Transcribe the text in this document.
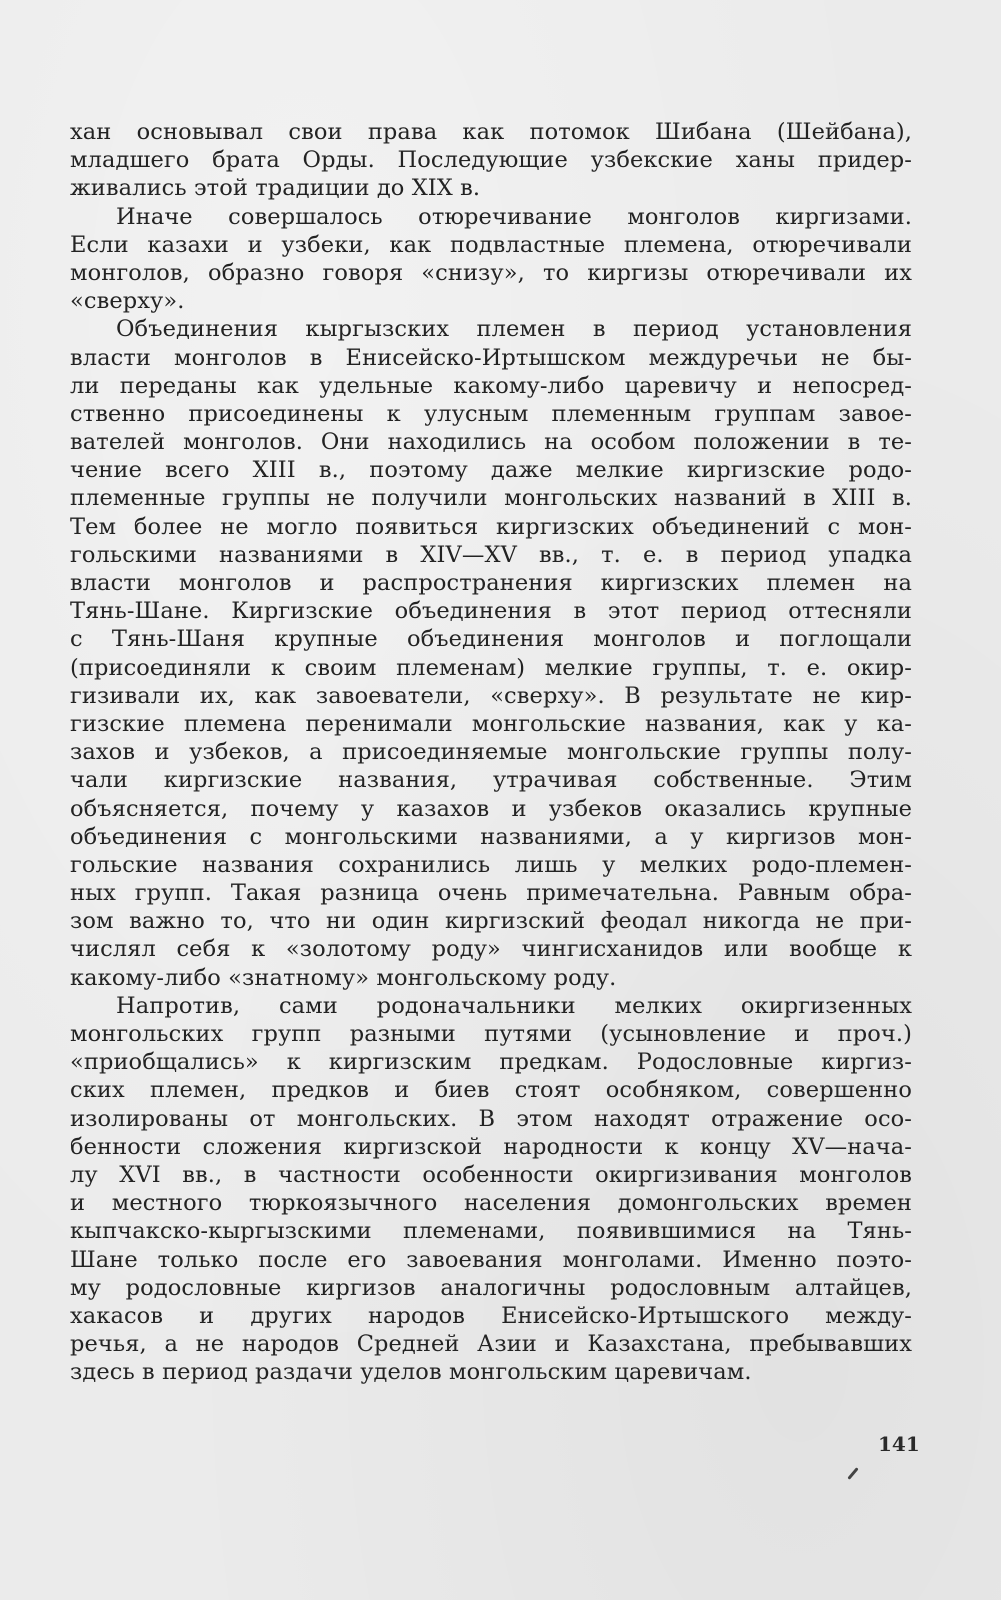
хан основывал свои права как потомок Шибана (Шейбана),
младшего брата Орды. Последующие узбекские ханы придер-
живались этой традиции до XIX в.
Иначе совершалось отюречивание монголов киргизами.
Если казахи и узбеки, как подвластные племена, отюречивали
монголов, образно говоря «снизу», то киргизы отюречивали их
«сверху».
Объединения кыргызских племен в период установления
власти монголов в Енисейско-Иртышском междуречьи не бы-
ли переданы как удельные какому-либо царевичу и непосред-
ственно присоединены к улусным племенным группам завое-
вателей монголов. Они находились на особом положении в те-
чение всего XIII в., поэтому даже мелкие киргизские родо-
племенные группы не получили монгольских названий в XIII в.
Тем более не могло появиться киргизских объединений с мон-
гольскими названиями в XIV—XV вв., т. е. в период упадка
власти монголов и распространения киргизских племен на
Тянь-Шане. Киргизские объединения в этот период оттесняли
с Тянь-Шаня крупные объединения монголов и поглощали
(присоединяли к своим племенам) мелкие группы, т. е. окир-
гизивали их, как завоеватели, «сверху». В результате не кир-
гизские племена перенимали монгольские названия, как у ка-
захов и узбеков, а присоединяемые монгольские группы полу-
чали киргизские названия, утрачивая собственные. Этим
объясняется, почему у казахов и узбеков оказались крупные
объединения с монгольскими названиями, а у киргизов мон-
гольские названия сохранились лишь у мелких родо-племен-
ных групп. Такая разница очень примечательна. Равным обра-
зом важно то, что ни один киргизский феодал никогда не при-
числял себя к «золотому роду» чингисханидов или вообще к
какому-либо «знатному» монгольскому роду.
Напротив, сами родоначальники мелких окиргизенных
монгольских групп разными путями (усыновление и проч.)
«приобщались» к киргизским предкам. Родословные киргиз-
ских племен, предков и биев стоят особняком, совершенно
изолированы от монгольских. В этом находят отражение осо-
бенности сложения киргизской народности к концу XV—нача-
лу XVI вв., в частности особенности окиргизивания монголов
и местного тюркоязычного населения домонгольских времен
кыпчакско-кыргызскими племенами, появившимися на Тянь-
Шане только после его завоевания монголами. Именно поэто-
му родословные киргизов аналогичны родословным алтайцев,
хакасов и других народов Енисейско-Иртышского между-
речья, а не народов Средней Азии и Казахстана, пребывавших
здесь в период раздачи уделов монгольским царевичам.
141
